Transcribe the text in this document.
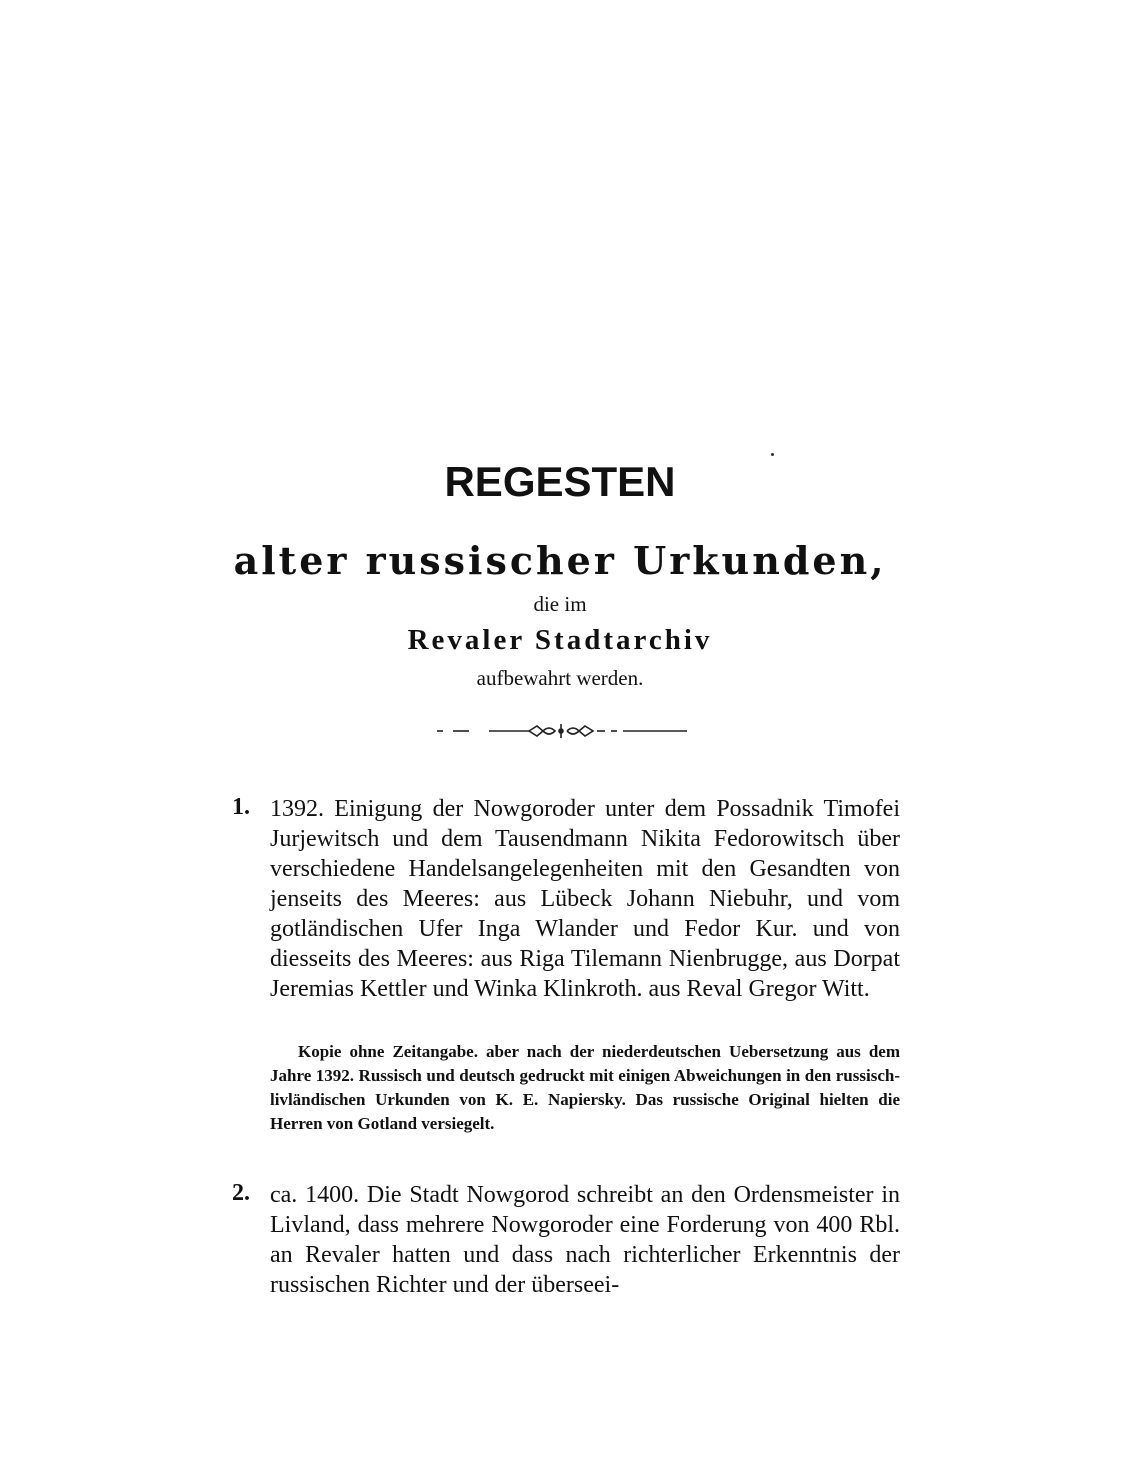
REGESTEN
alter russischer Urkunden,
die im
Revaler Stadtarchiv
aufbewahrt werden.
1. 1392. Einigung der Nowgoroder unter dem Possadnik Timofei Jurjewitsch und dem Tausendmann Nikita Fedorowitsch über verschiedene Handelsangelegenheiten mit den Gesandten von jenseits des Meeres: aus Lübeck Johann Niebuhr, und vom gotländischen Ufer Inga Wlander und Fedor Kur. und von diesseits des Meeres: aus Riga Tilemann Nienbrugge, aus Dorpat Jeremias Kettler und Winka Klinkroth. aus Reval Gregor Witt.

Kopie ohne Zeitangabe. aber nach der niederdeutschen Uebersetzung aus dem Jahre 1392. Russisch und deutsch gedruckt mit einigen Abweichungen in den russisch-livländischen Urkunden von K. E. Napiersky. Das russische Original hielten die Herren von Gotland versiegelt.

2. ca. 1400. Die Stadt Nowgorod schreibt an den Ordensmeister in Livland, dass mehrere Nowgoroder eine Forderung von 400 Rbl. an Revaler hatten und dass nach richterlicher Erkenntnis der russischen Richter und der überseei-
